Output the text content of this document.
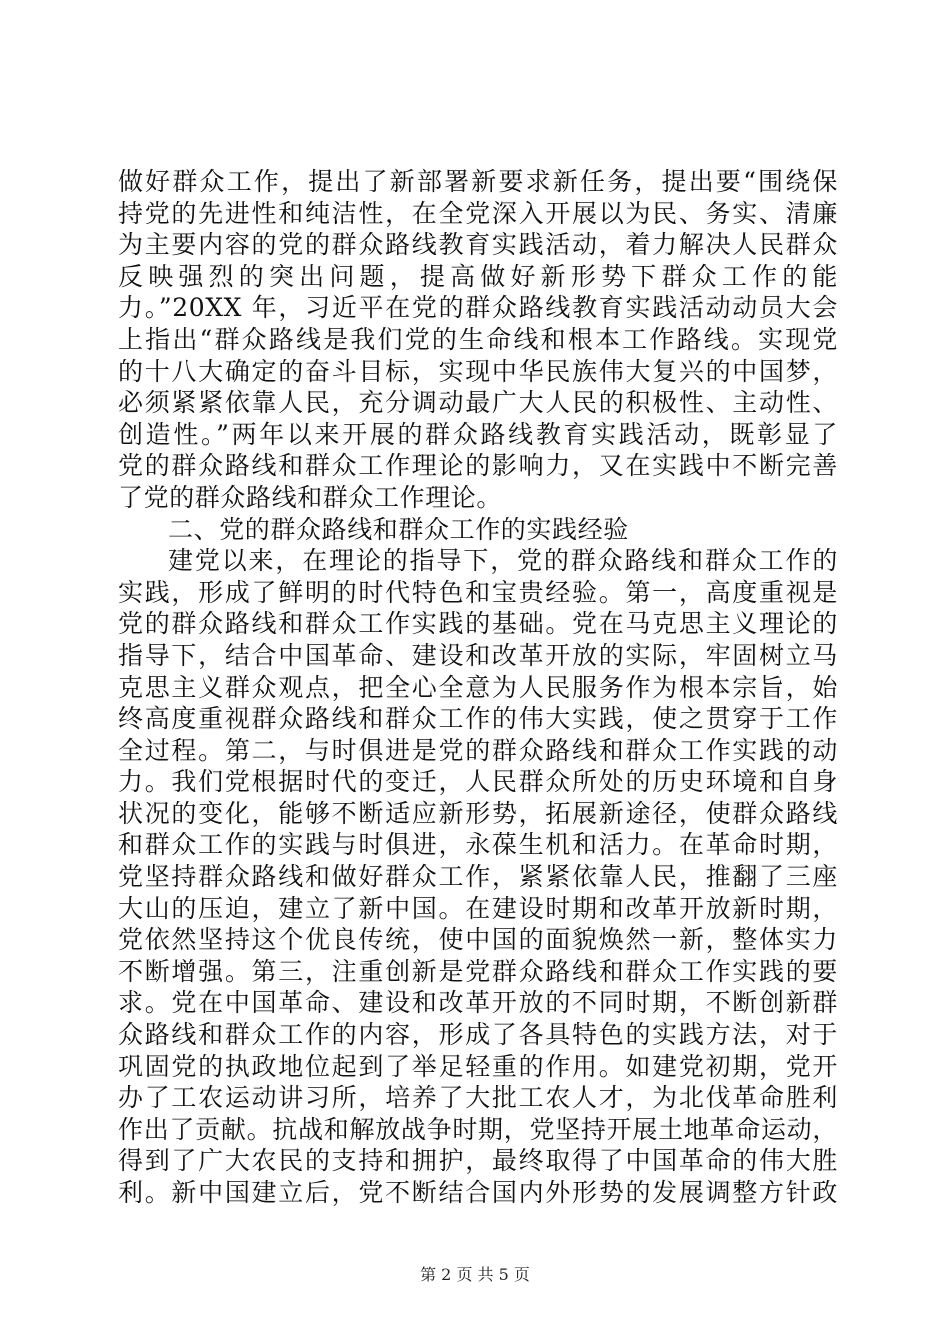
做好群众工作，提出了新部署新要求新任务，提出要“围绕保
持党的先进性和纯洁性，在全党深入开展以为民、务实、清廉
为主要内容的党的群众路线教育实践活动，着力解决人民群众
反映强烈的突出问题，提高做好新形势下群众工作的能
力。”20XX 年，习近平在党的群众路线教育实践活动动员大会
上指出“群众路线是我们党的生命线和根本工作路线。实现党
的十八大确定的奋斗目标，实现中华民族伟大复兴的中国梦，
必须紧紧依靠人民，充分调动最广大人民的积极性、主动性、
创造性。”两年以来开展的群众路线教育实践活动，既彰显了
党的群众路线和群众工作理论的影响力，又在实践中不断完善
了党的群众路线和群众工作理论。
二、党的群众路线和群众工作的实践经验
建党以来，在理论的指导下，党的群众路线和群众工作的
实践，形成了鲜明的时代特色和宝贵经验。第一，高度重视是
党的群众路线和群众工作实践的基础。党在马克思主义理论的
指导下，结合中国革命、建设和改革开放的实际，牢固树立马
克思主义群众观点，把全心全意为人民服务作为根本宗旨，始
终高度重视群众路线和群众工作的伟大实践，使之贯穿于工作
全过程。第二，与时俱进是党的群众路线和群众工作实践的动
力。我们党根据时代的变迁，人民群众所处的历史环境和自身
状况的变化，能够不断适应新形势，拓展新途径，使群众路线
和群众工作的实践与时俱进，永葆生机和活力。在革命时期，
党坚持群众路线和做好群众工作，紧紧依靠人民，推翻了三座
大山的压迫，建立了新中国。在建设时期和改革开放新时期，
党依然坚持这个优良传统，使中国的面貌焕然一新，整体实力
不断增强。第三，注重创新是党群众路线和群众工作实践的要
求。党在中国革命、建设和改革开放的不同时期，不断创新群
众路线和群众工作的内容，形成了各具特色的实践方法，对于
巩固党的执政地位起到了举足轻重的作用。如建党初期，党开
办了工农运动讲习所，培养了大批工农人才，为北伐革命胜利
作出了贡献。抗战和解放战争时期，党坚持开展土地革命运动，
得到了广大农民的支持和拥护，最终取得了中国革命的伟大胜
利。新中国建立后，党不断结合国内外形势的发展调整方针政
第 2 页 共 5 页
